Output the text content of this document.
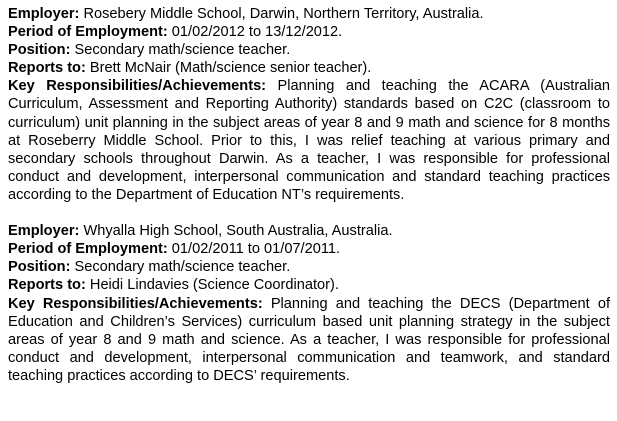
Employer: Rosebery Middle School, Darwin, Northern Territory, Australia.

Period of Employment: 01/02/2012 to 13/12/2012.

Position: Secondary math/science teacher.

Reports to: Brett McNair (Math/science senior teacher).

Key Responsibilities/Achievements: Planning and teaching the ACARA (Australian Curriculum, Assessment and Reporting Authority) standards based on C2C (classroom to curriculum) unit planning in the subject areas of year 8 and 9 math and science for 8 months at Roseberry Middle School. Prior to this, I was relief teaching at various primary and secondary schools throughout Darwin. As a teacher, I was responsible for professional conduct and development, interpersonal communication and standard teaching practices according to the Department of Education NT’s requirements.

Employer: Whyalla High School, South Australia, Australia.

Period of Employment: 01/02/2011 to 01/07/2011.

Position: Secondary math/science teacher.

Reports to: Heidi Lindavies (Science Coordinator).

Key Responsibilities/Achievements: Planning and teaching the DECS (Department of Education and Children’s Services) curriculum based unit planning strategy in the subject areas of year 8 and 9 math and science. As a teacher, I was responsible for professional conduct and development, interpersonal communication and teamwork, and standard teaching practices according to DECS’ requirements.
